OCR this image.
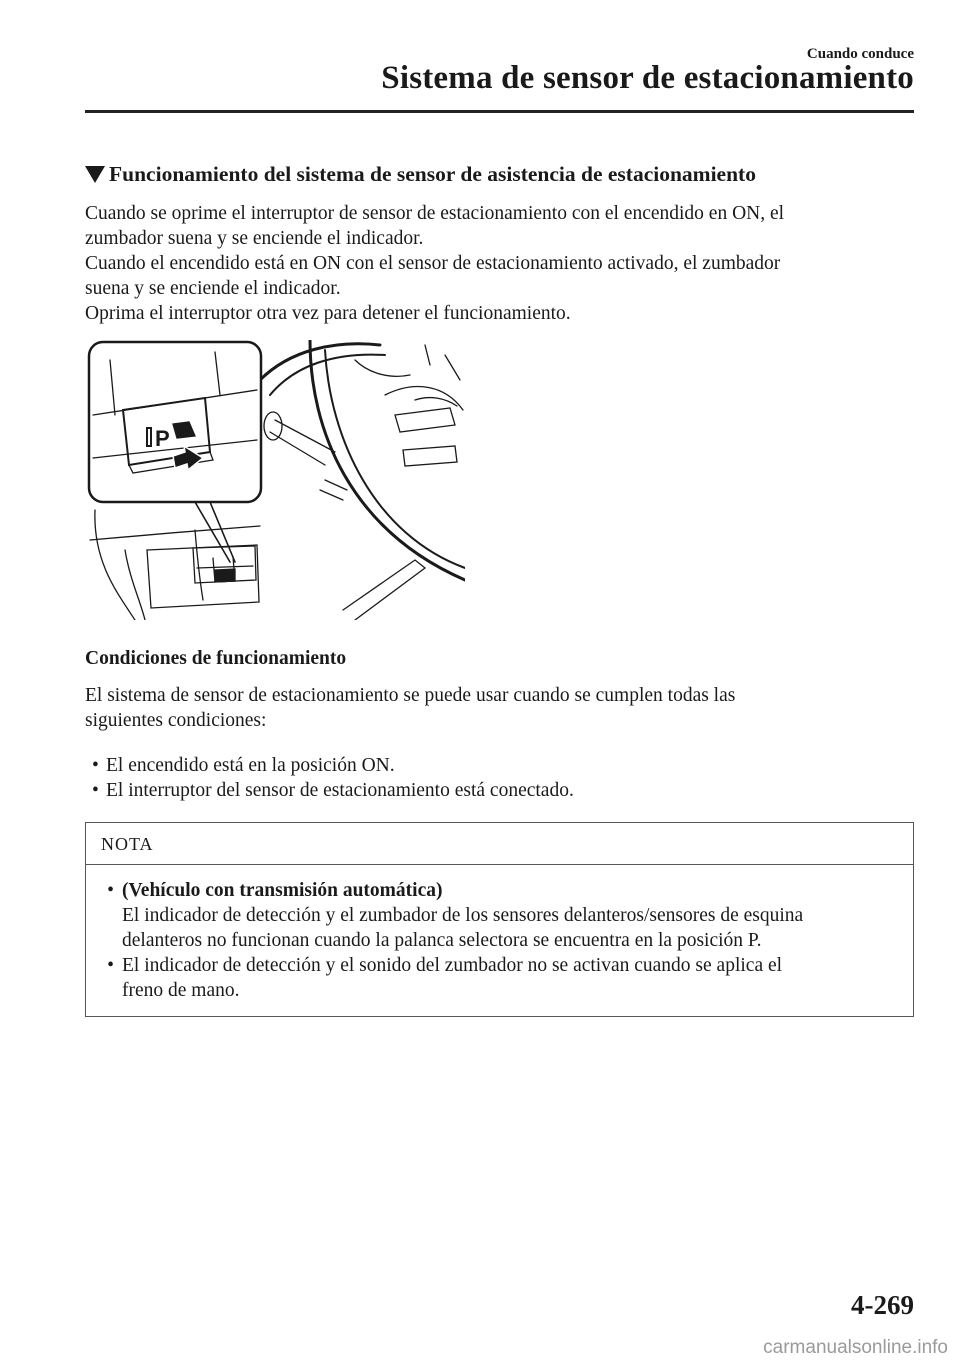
Cuando conduce
Sistema de sensor de estacionamiento
Funcionamiento del sistema de sensor de asistencia de estacionamiento
Cuando se oprime el interruptor de sensor de estacionamiento con el encendido en ON, el
zumbador suena y se enciende el indicador.
Cuando el encendido está en ON con el sensor de estacionamiento activado, el zumbador
suena y se enciende el indicador.
Oprima el interruptor otra vez para detener el funcionamiento.
P
Condiciones de funcionamiento
El sistema de sensor de estacionamiento se puede usar cuando se cumplen todas las
siguientes condiciones:
• El encendido está en la posición ON.
• El interruptor del sensor de estacionamiento está conectado.
NOTA
• (Vehículo con transmisión automática)
El indicador de detección y el zumbador de los sensores delanteros/sensores de esquina
delanteros no funcionan cuando la palanca selectora se encuentra en la posición P.
• El indicador de detección y el sonido del zumbador no se activan cuando se aplica el
freno de mano.
4-269
carmanualsonline.info
